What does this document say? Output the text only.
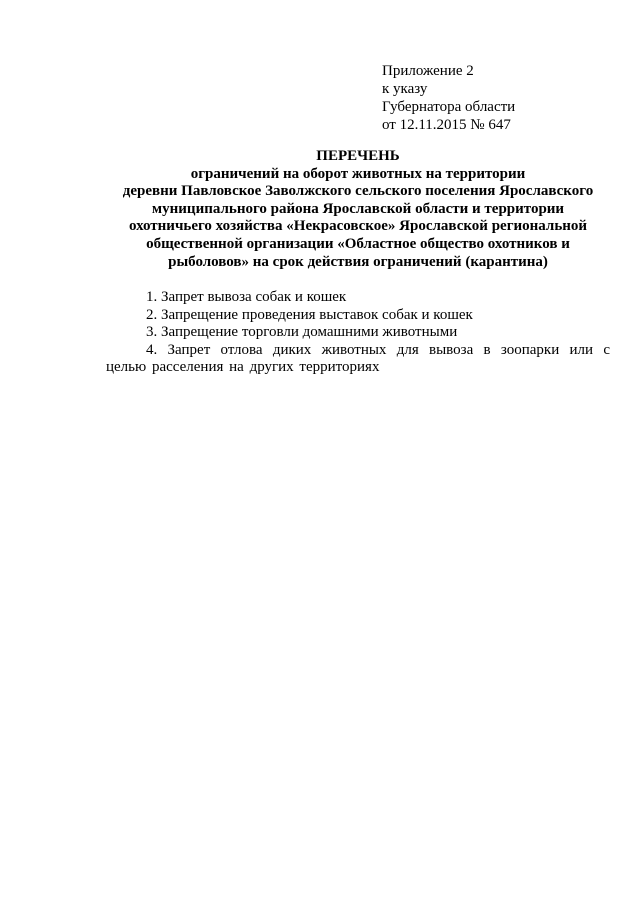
Приложение 2
к указу
Губернатора области
от 12.11.2015 № 647
ПЕРЕЧЕНЬ
ограничений на оборот животных на территории
деревни Павловское Заволжского сельского поселения Ярославского
муниципального района Ярославской области и территории
охотничьего хозяйства «Некрасовское» Ярославской региональной
общественной организации «Областное общество охотников и
рыболовов» на срок действия ограничений (карантина)
1. Запрет вывоза собак и кошек
2. Запрещение проведения выставок собак и кошек
3. Запрещение торговли домашними животными
4. Запрет отлова диких животных для вывоза в зоопарки или с целью расселения на других территориях
